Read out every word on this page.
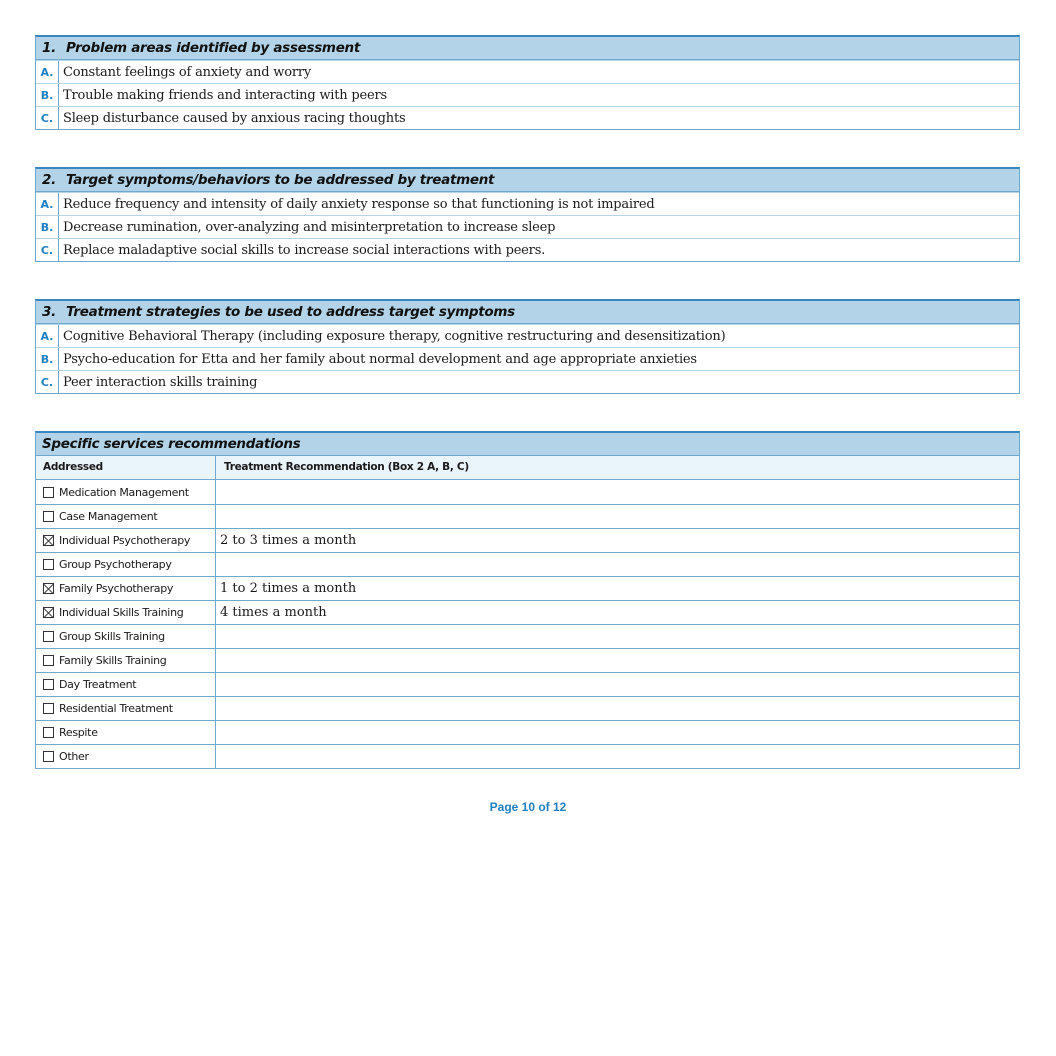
1. Problem areas identified by assessment
A. Constant feelings of anxiety and worry
B. Trouble making friends and interacting with peers
C. Sleep disturbance caused by anxious racing thoughts
2. Target symptoms/behaviors to be addressed by treatment
A. Reduce frequency and intensity of daily anxiety response so that functioning is not impaired
B. Decrease rumination, over-analyzing and misinterpretation to increase sleep
C. Replace maladaptive social skills to increase social interactions with peers.
3. Treatment strategies to be used to address target symptoms
A. Cognitive Behavioral Therapy (including exposure therapy, cognitive restructuring and desensitization)
B. Psycho-education for Etta and her family about normal development and age appropriate anxieties
C. Peer interaction skills training
Specific services recommendations
Addressed	Treatment Recommendation (Box 2 A, B, C)
Medication Management
Case Management
Individual Psychotherapy	2 to 3 times a month
Group Psychotherapy
Family Psychotherapy	1 to 2 times a month
Individual Skills Training	4 times a month
Group Skills Training
Family Skills Training
Day Treatment
Residential Treatment
Respite
Other
Page 10 of 12
